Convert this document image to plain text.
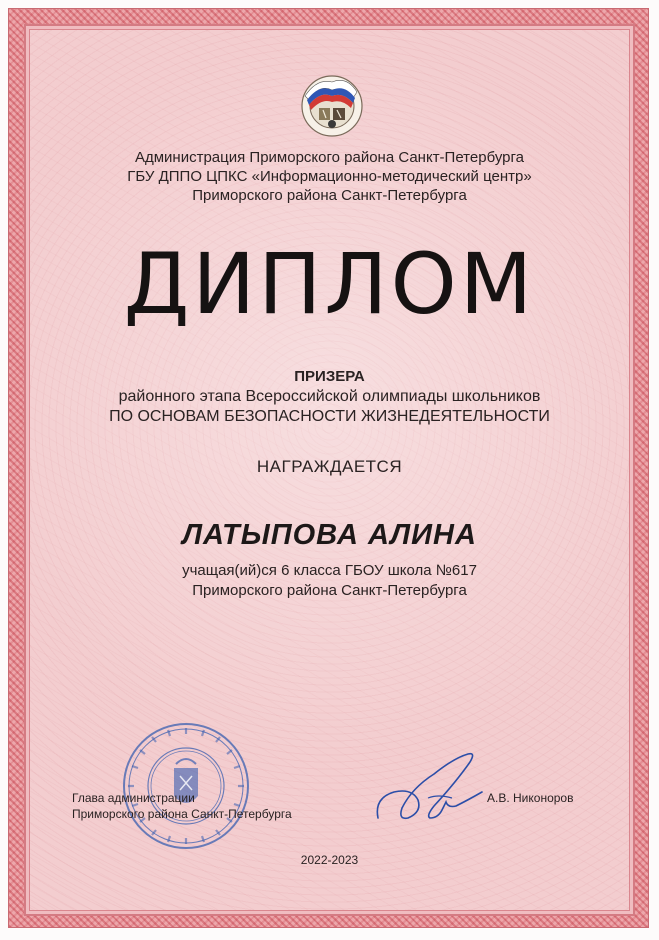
Администрация Приморского района Санкт-Петербурга
ГБУ ДППО ЦПКС «Информационно-методический центр»
Приморского района Санкт-Петербурга
ДИПЛОМ
ПРИЗЕРА
районного этапа Всероссийской олимпиады школьников
ПО ОСНОВАМ БЕЗОПАСНОСТИ ЖИЗНЕДЕЯТЕЛЬНОСТИ
НАГРАЖДАЕТСЯ
ЛАТЫПОВА АЛИНА
учащая(ий)ся 6 класса ГБОУ школа №617
Приморского района Санкт-Петербурга
Глава администрации
Приморского района Санкт-Петербурга
А.В. Никоноров
2022-2023
